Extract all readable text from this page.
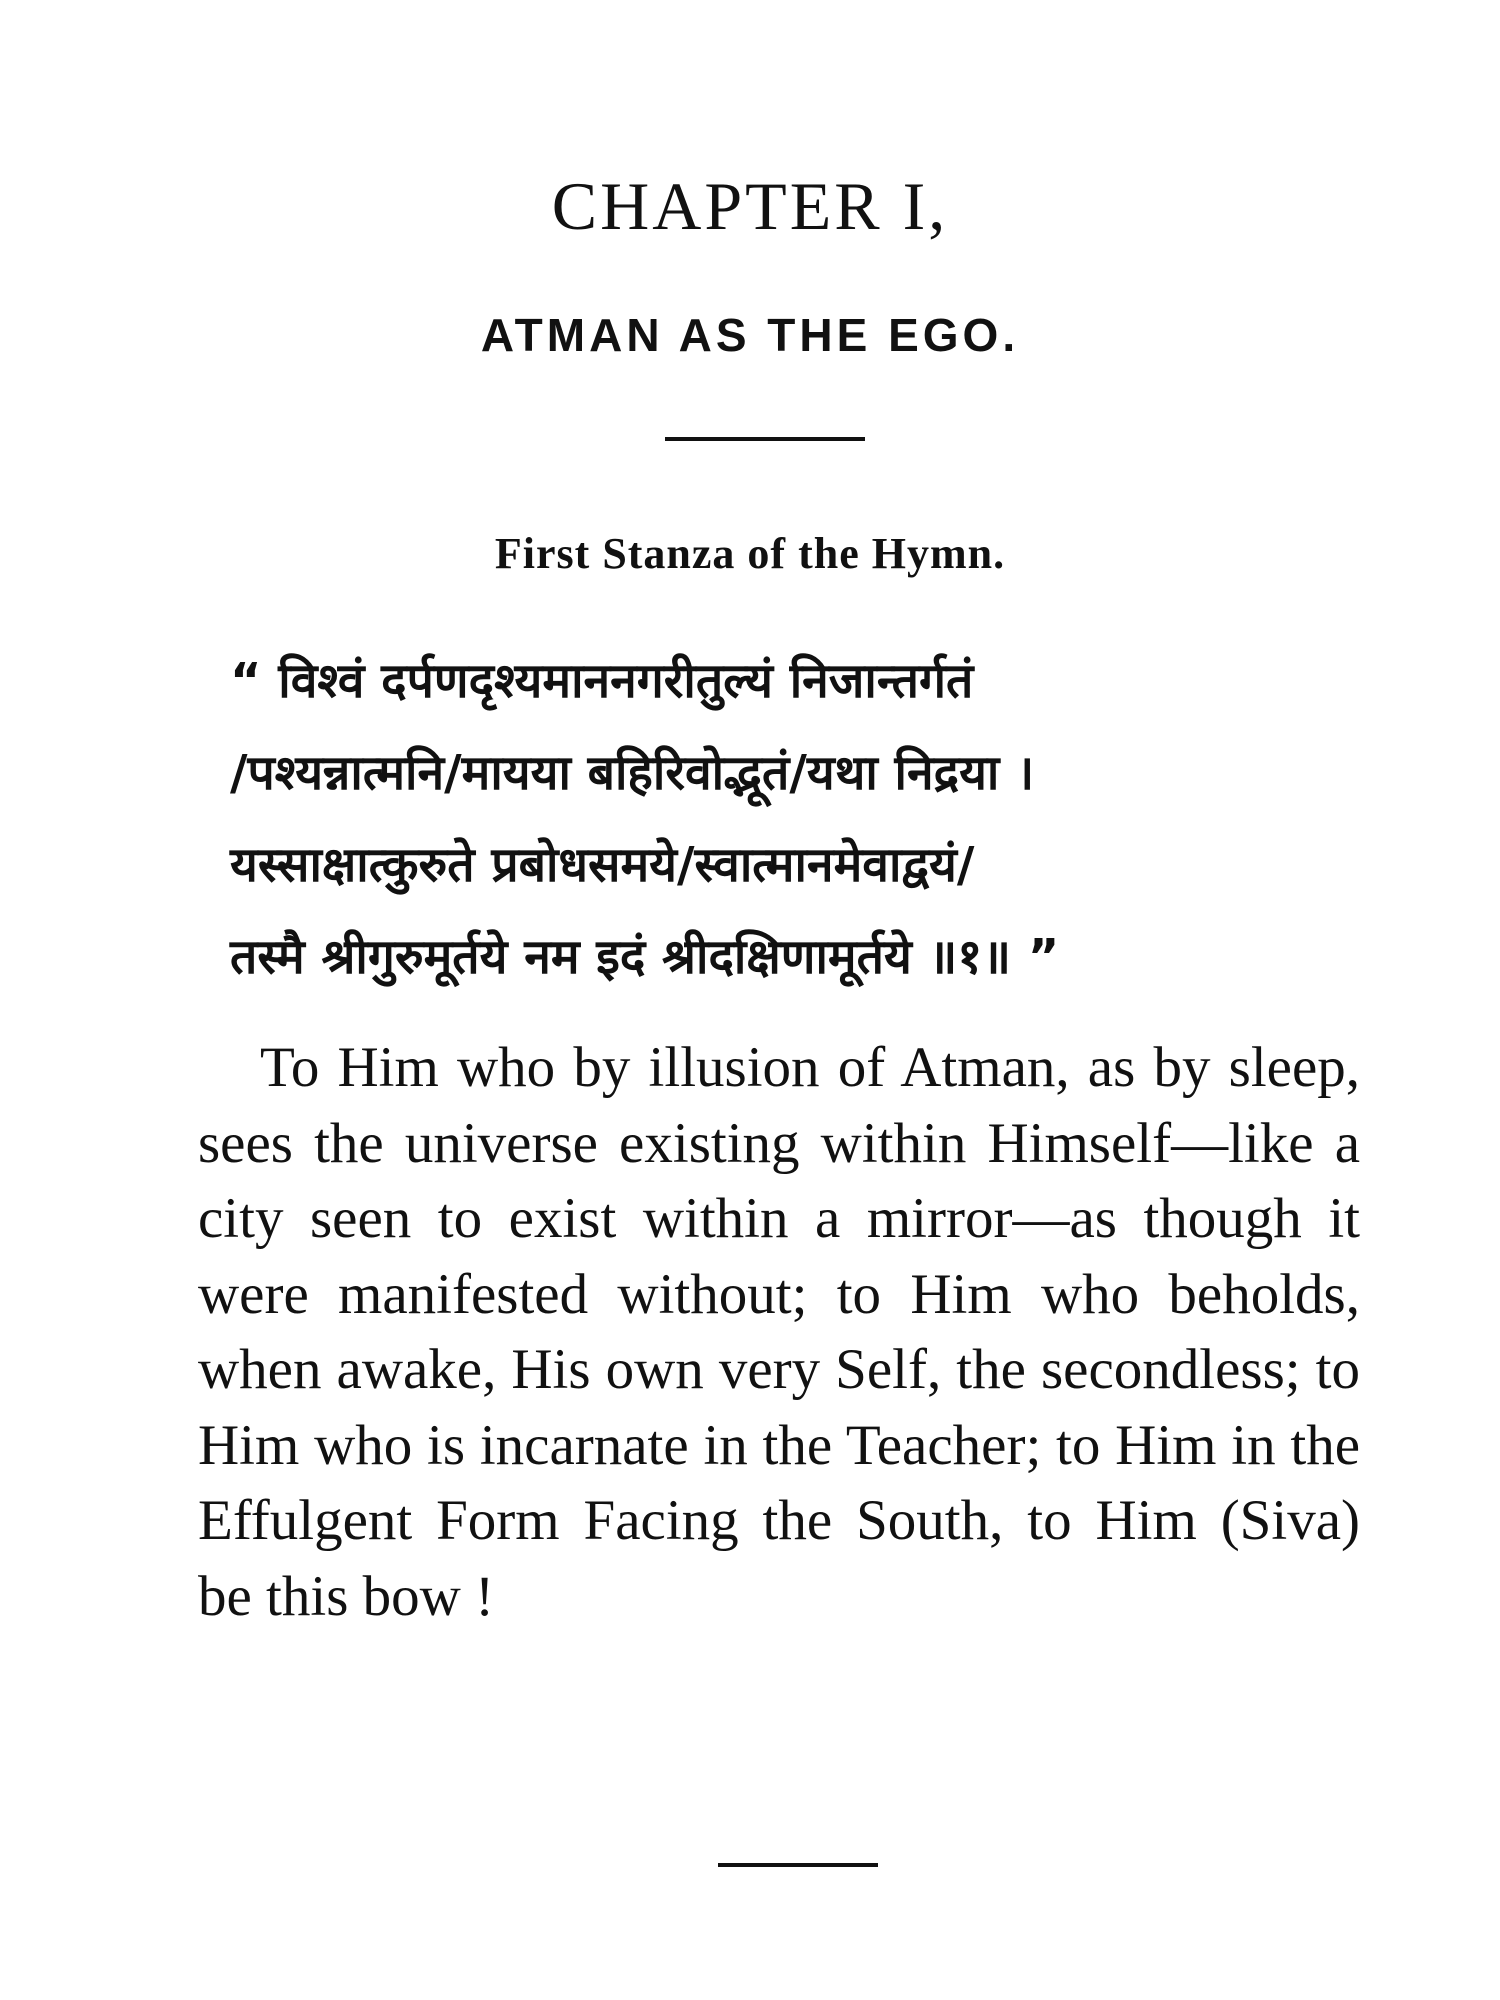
CHAPTER I,
ATMAN AS THE EGO.
First Stanza of the Hymn.
“ विश्वं दर्पणदृश्यमाननगरीतुल्यं निजान्तर्गतं
/पश्यन्नात्मनि/मायया बहिरिवोद्भूतं/यथा निद्रया ।
यस्साक्षात्कुरुते प्रबोधसमये/स्वात्मानमेवाद्वयं/
तस्मै श्रीगुरुमूर्तये नम इदं श्रीदक्षिणामूर्तये ॥१॥ ”

To Him who by illusion of Atman, as by sleep, sees the universe existing within Himself—like a city seen to exist within a mirror—as though it were manifested without; to Him who beholds, when awake, His own very Self, the secondless; to Him who is incarnate in the Teacher; to Him in the Effulgent Form Facing the South, to Him (Siva) be this bow !
